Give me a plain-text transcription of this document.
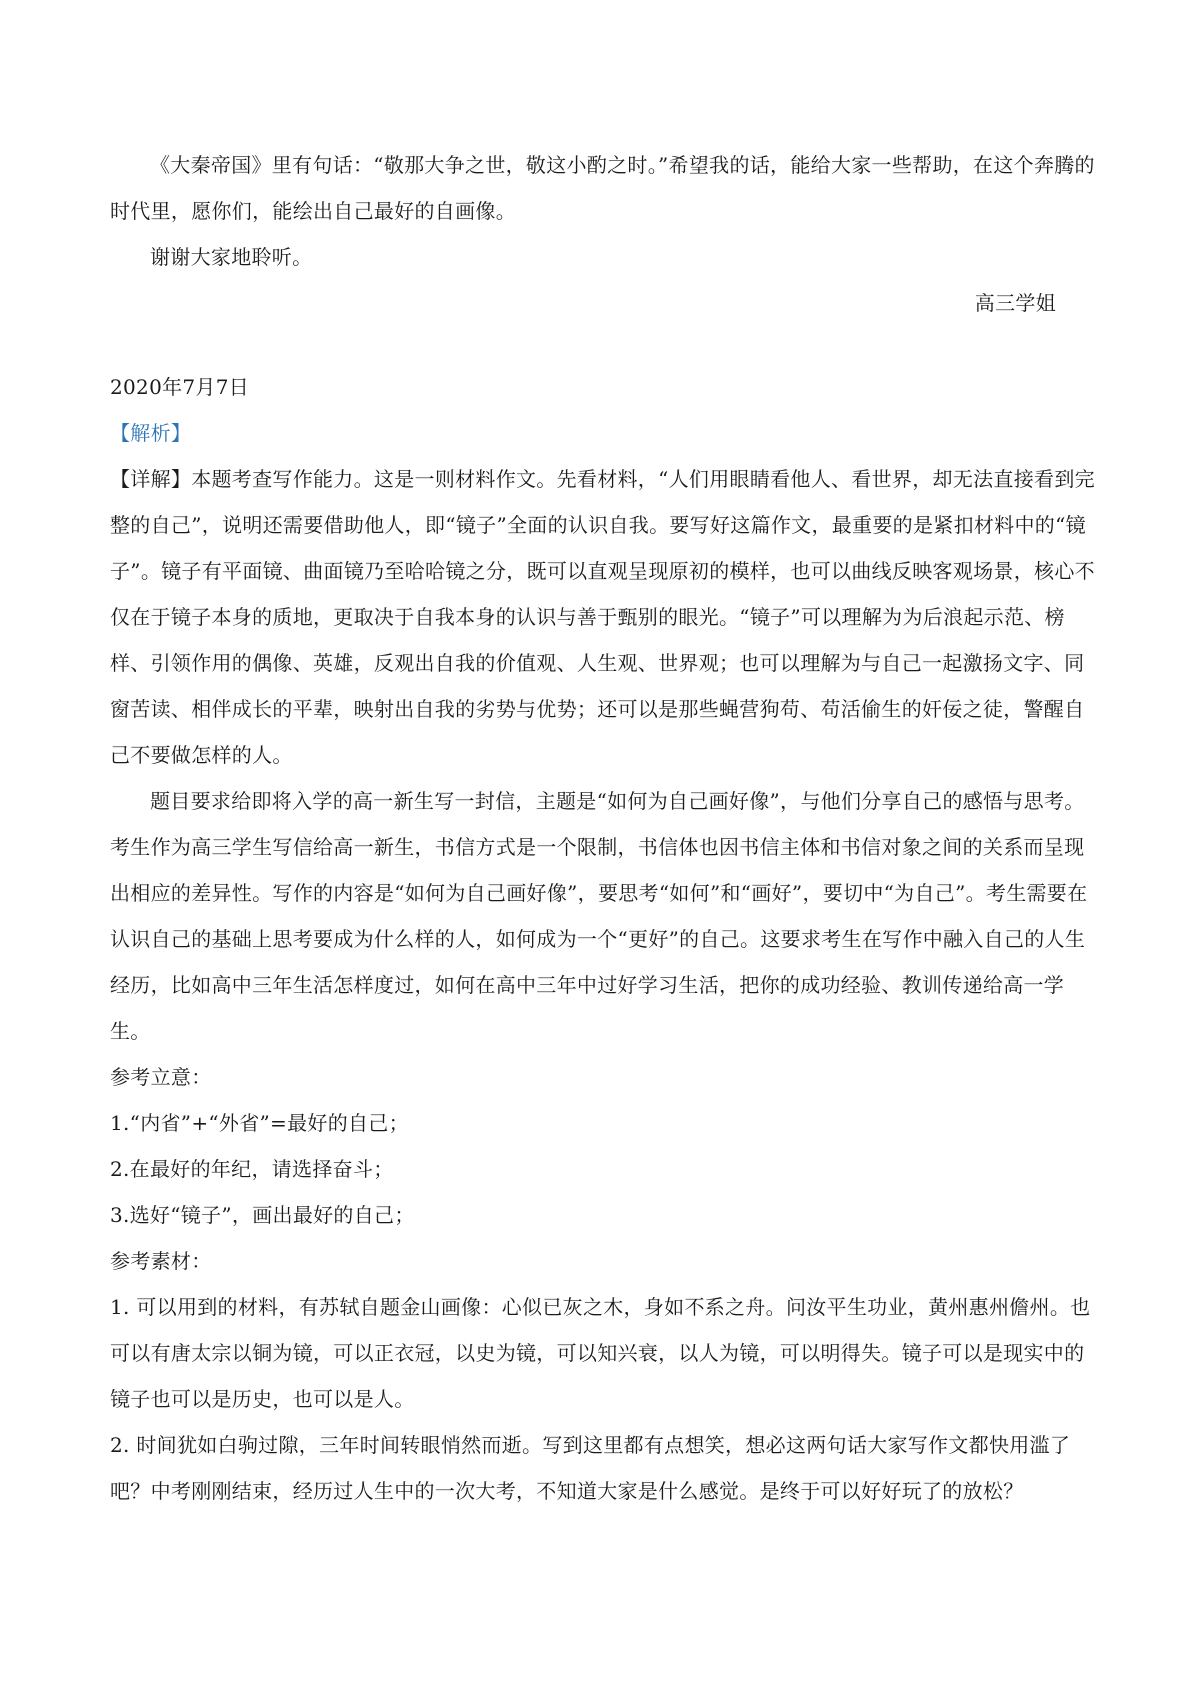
《大秦帝国》里有句话：“敬那大争之世，敬这小酌之时。”希望我的话，能给大家一些帮助，在这个奔腾的时代里，愿你们，能绘出自己最好的自画像。

谢谢大家地聆听。

高三学姐

2020年7月7日

【解析】

【详解】本题考查写作能力。这是一则材料作文。先看材料，“人们用眼睛看他人、看世界，却无法直接看到完整的自己”，说明还需要借助他人，即“镜子”全面的认识自我。要写好这篇作文，最重要的是紧扣材料中的“镜子”。镜子有平面镜、曲面镜乃至哈哈镜之分，既可以直观呈现原初的模样，也可以曲线反映客观场景，核心不仅在于镜子本身的质地，更取决于自我本身的认识与善于甄别的眼光。“镜子”可以理解为为后浪起示范、榜样、引领作用的偶像、英雄，反观出自我的价值观、人生观、世界观；也可以理解为与自己一起激扬文字、同窗苦读、相伴成长的平辈，映射出自我的劣势与优势；还可以是那些蝇营狗苟、苟活偷生的奸佞之徒，警醒自己不要做怎样的人。

题目要求给即将入学的高一新生写一封信，主题是“如何为自己画好像”，与他们分享自己的感悟与思考。考生作为高三学生写信给高一新生，书信方式是一个限制，书信体也因书信主体和书信对象之间的关系而呈现出相应的差异性。写作的内容是“如何为自己画好像”，要思考“如何”和“画好”，要切中“为自己”。考生需要在认识自己的基础上思考要成为什么样的人，如何成为一个“更好”的自己。这要求考生在写作中融入自己的人生经历，比如高中三年生活怎样度过，如何在高中三年中过好学习生活，把你的成功经验、教训传递给高一学生。

参考立意：

1.“内省”+“外省”=最好的自己；

2.在最好的年纪，请选择奋斗；

3.选好“镜子”，画出最好的自己；

参考素材：

1. 可以用到的材料，有苏轼自题金山画像：心似已灰之木，身如不系之舟。问汝平生功业，黄州惠州儋州。也可以有唐太宗以铜为镜，可以正衣冠，以史为镜，可以知兴衰，以人为镜，可以明得失。镜子可以是现实中的镜子也可以是历史，也可以是人。

2. 时间犹如白驹过隙，三年时间转眼悄然而逝。写到这里都有点想笑，想必这两句话大家写作文都快用滥了吧？中考刚刚结束，经历过人生中的一次大考，不知道大家是什么感觉。是终于可以好好玩了的放松？
